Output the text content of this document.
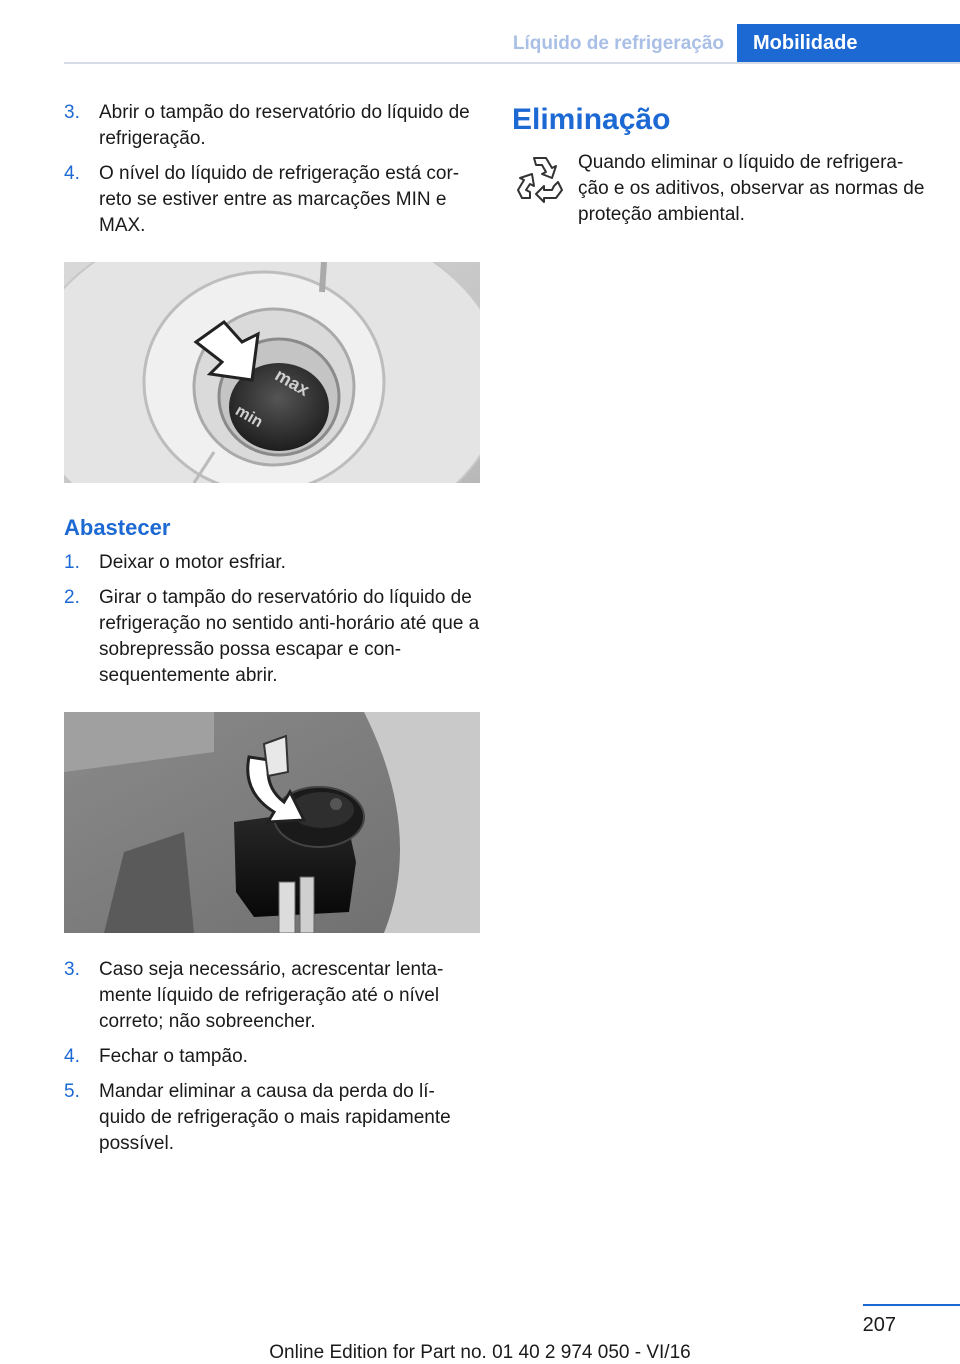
Líquido de refrigeração	Mobilidade
3. Abrir o tampão do reservatório do líquido de refrigeração.
4. O nível do líquido de refrigeração está cor‐reto se estiver entre as marcações MIN e MAX.
max
min
Abastecer
1. Deixar o motor esfriar.
2. Girar o tampão do reservatório do líquido de refrigeração no sentido anti-horário até que a sobrepressão possa escapar e con‐sequentemente abrir.
3. Caso seja necessário, acrescentar lenta‐mente líquido de refrigeração até o nível correto; não sobreencher.
4. Fechar o tampão.
5. Mandar eliminar a causa da perda do lí‐quido de refrigeração o mais rapidamente possível.
Eliminação
Quando eliminar o líquido de refrigera‐ção e os aditivos, observar as normas de proteção ambiental.
207
Online Edition for Part no. 01 40 2 974 050 - VI/16
